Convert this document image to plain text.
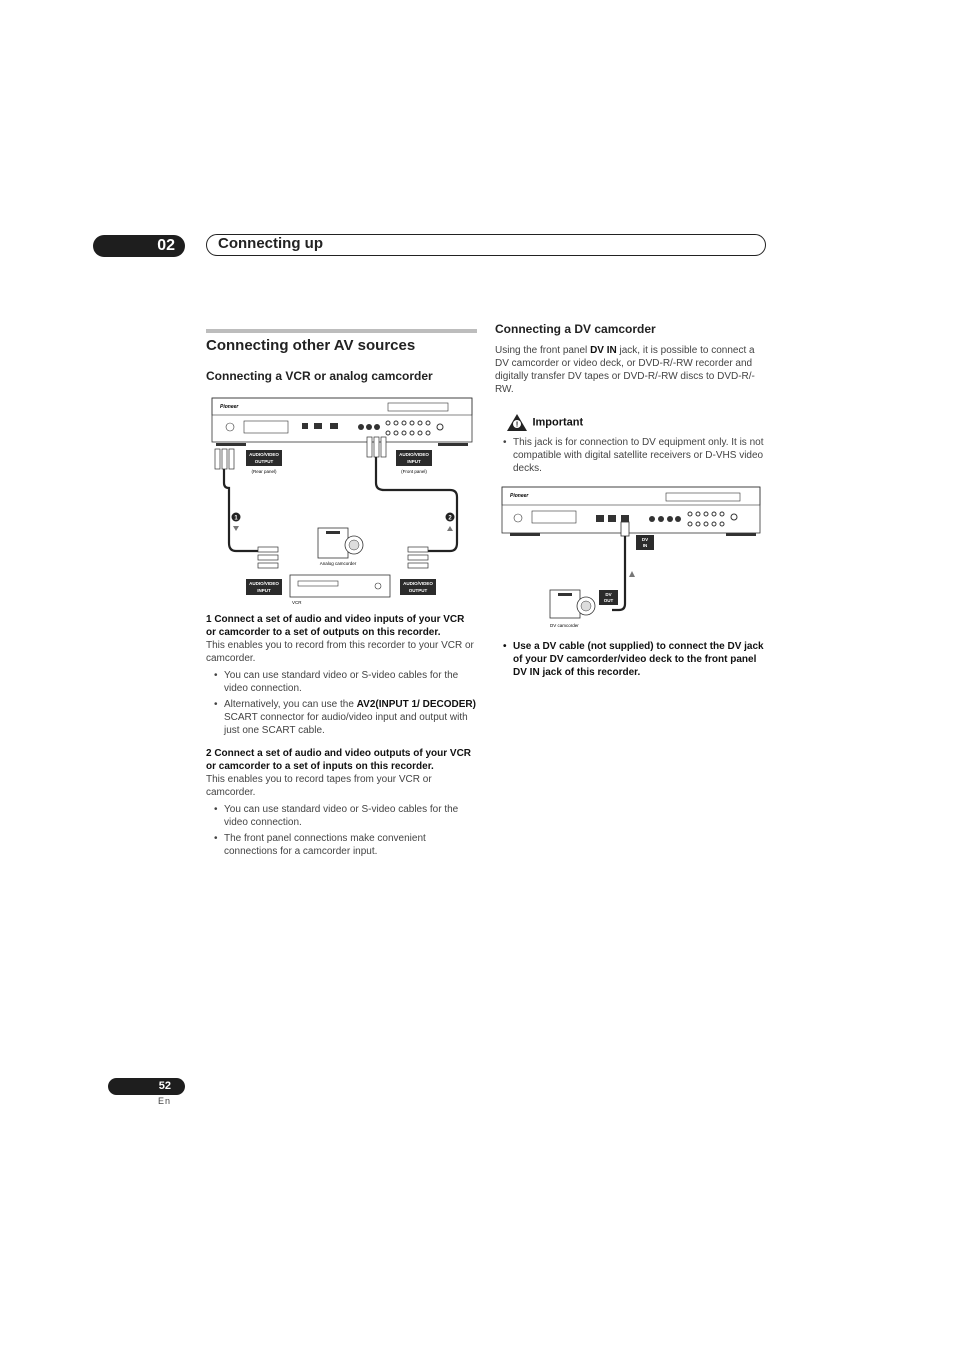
02	Connecting up
Connecting other AV sources
Connecting a VCR or analog camcorder
Pioneer
AUDIO/VIDEO
OUTPUT
(Rear panel)
AUDIO/VIDEO
INPUT
(Front panel)
1	2
Analog camcorder
VCR
AUDIO/VIDEO
INPUT
AUDIO/VIDEO
OUTPUT

1 Connect a set of audio and video inputs of your VCR or camcorder to a set of outputs on this recorder.

This enables you to record from this recorder to your VCR or camcorder.

• You can use standard video or S-video cables for the video connection.
• Alternatively, you can use the AV2(INPUT 1/ DECODER) SCART connector for audio/video input and output with just one SCART cable.

2 Connect a set of audio and video outputs of your VCR or camcorder to a set of inputs on this recorder.

This enables you to record tapes from your VCR or camcorder.

• You can use standard video or S-video cables for the video connection.
• The front panel connections make convenient connections for a camcorder input.
Connecting a DV camcorder

Using the front panel DV IN jack, it is possible to connect a DV camcorder or video deck, or DVD-R/-RW recorder and digitally transfer DV tapes or DVD-R/-RW discs to DVD-R/-RW.

! Important
• This jack is for connection to DV equipment only. It is not compatible with digital satellite receivers or D-VHS video decks.
Pioneer
DV
IN
DV
OUT
DV camcorder
• Use a DV cable (not supplied) to connect the DV jack of your DV camcorder/video deck to the front panel DV IN jack of this recorder.
52
En
